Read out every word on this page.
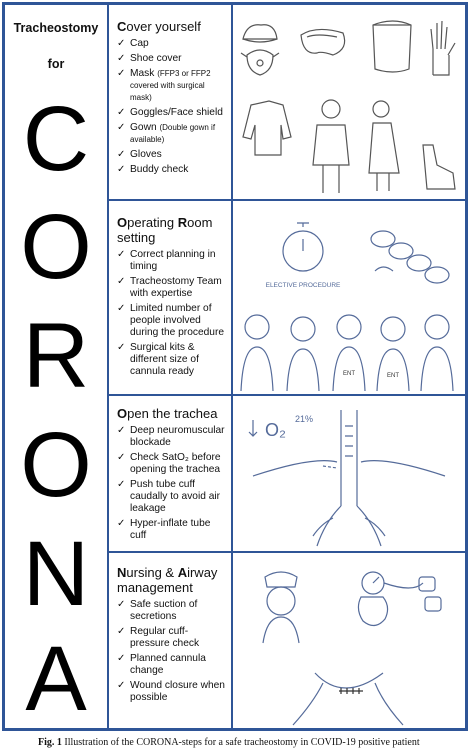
Tracheostomy
for
C
O
R
O
N
A
Cover yourself
✓ Cap
✓ Shoe cover
✓ Mask (FFP3 or FFP2 covered with surgical mask)
✓ Goggles/Face shield
✓ Gown (Double gown if available)
✓ Gloves
✓ Buddy check
Operating Room setting
✓ Correct planning in timing
✓ Tracheostomy Team with expertise
✓ Limited number of people involved during the procedure
✓ Surgical kits & different size of cannula ready
ELECTIVE PROCEDURE
ENT	ENT
Open the trachea
✓ Deep neuromuscular blockade
✓ Check SatO₂ before opening the trachea
✓ Push tube cuff caudally to avoid air leakage
✓ Hyper-inflate tube cuff
O₂
21%
Nursing & Airway management
✓ Safe suction of secretions
✓ Regular cuff-pressure check
✓ Planned cannula change
✓ Wound closure when possible
Fig. 1 Illustration of the CORONA-steps for a safe tracheostomy in COVID-19 positive patient
